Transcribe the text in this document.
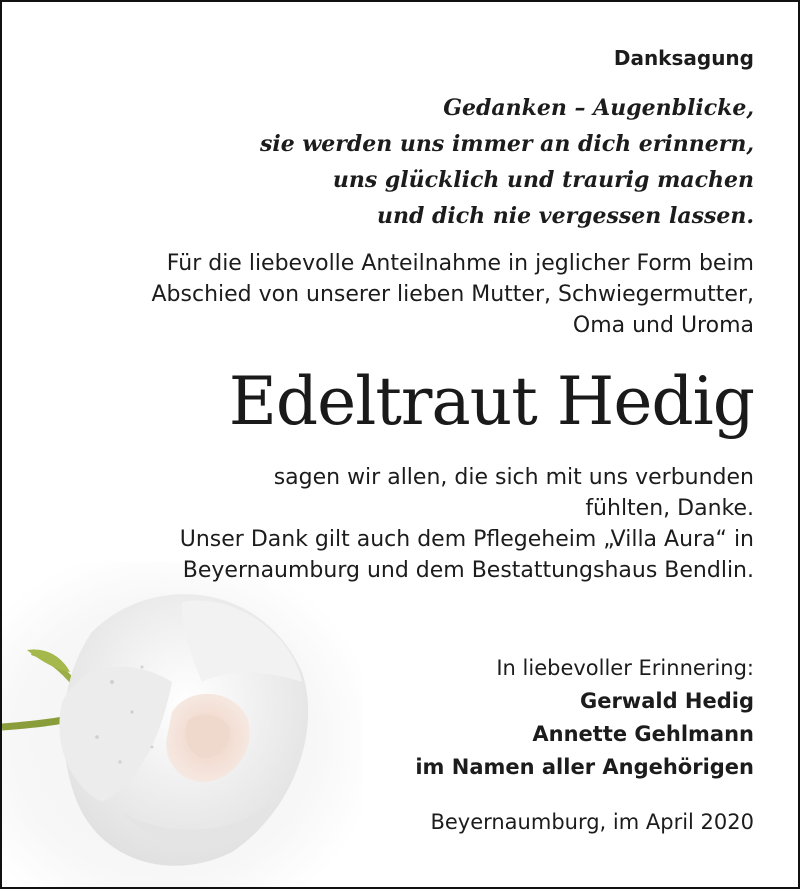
Danksagung
Gedanken – Augenblicke,
sie werden uns immer an dich erinnern,
uns glücklich und traurig machen
und dich nie vergessen lassen.
Für die liebevolle Anteilnahme in jeglicher Form beim
Abschied von unserer lieben Mutter, Schwiegermutter,
Oma und Uroma
Edeltraut Hedig
sagen wir allen, die sich mit uns verbunden
fühlten, Danke.
Unser Dank gilt auch dem Pflegeheim „Villa Aura“ in
Beyernaumburg und dem Bestattungshaus Bendlin.
In liebevoller Erinnering:
Gerwald Hedig
Annette Gehlmann
im Namen aller Angehörigen
Beyernaumburg, im April 2020
